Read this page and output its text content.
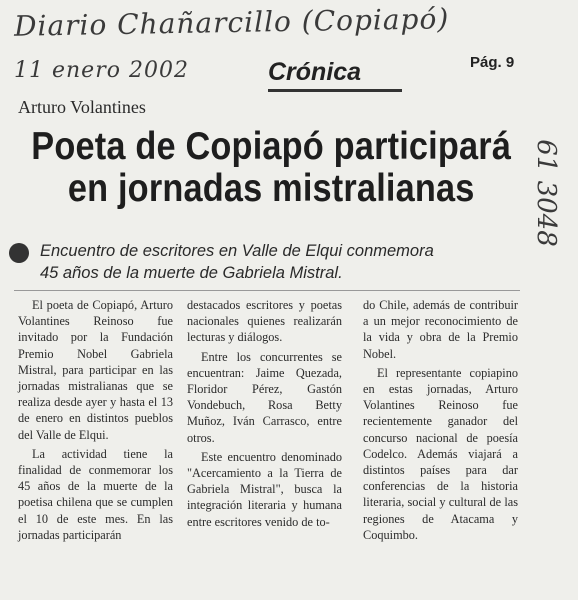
Diario Chañarcillo (Copiapó)
11 enero 2002
61 3048
Crónica	Pág. 9
Arturo Volantines
Poeta de Copiapó participará
en jornadas mistralianas
Encuentro de escritores en Valle de Elqui conmemora
45 años de la muerte de Gabriela Mistral.

El poeta de Copiapó, Arturo Volantines Reinoso fue invitado por la Fundación Premio Nobel Gabriela Mistral, para participar en las jornadas mistralianas que se realiza desde ayer y hasta el 13 de enero en distintos pueblos del Valle de Elqui.

La actividad tiene la finalidad de conmemorar los 45 años de la muerte de la poetisa chilena que se cumplen el 10 de este mes. En las jornadas participarán

destacados escritores y poetas nacionales quienes realizarán lecturas y diálogos.

Entre los concurrentes se encuentran: Jaime Quezada, Floridor Pérez, Gastón Vondebuch, Rosa Betty Muñoz, Iván Carrasco, entre otros.

Este encuentro denominado "Acercamiento a la Tierra de Gabriela Mistral", busca la integración literaria y humana entre escritores venido de to-

do Chile, además de contribuir a un mejor reconocimiento de la vida y obra de la Premio Nobel.

El representante copiapino en estas jornadas, Arturo Volantines Reinoso fue recientemente ganador del concurso nacional de poesía Codelco. Además viajará a distintos países para dar conferencias de la historia literaria, social y cultural de las regiones de Atacama y Coquimbo.
